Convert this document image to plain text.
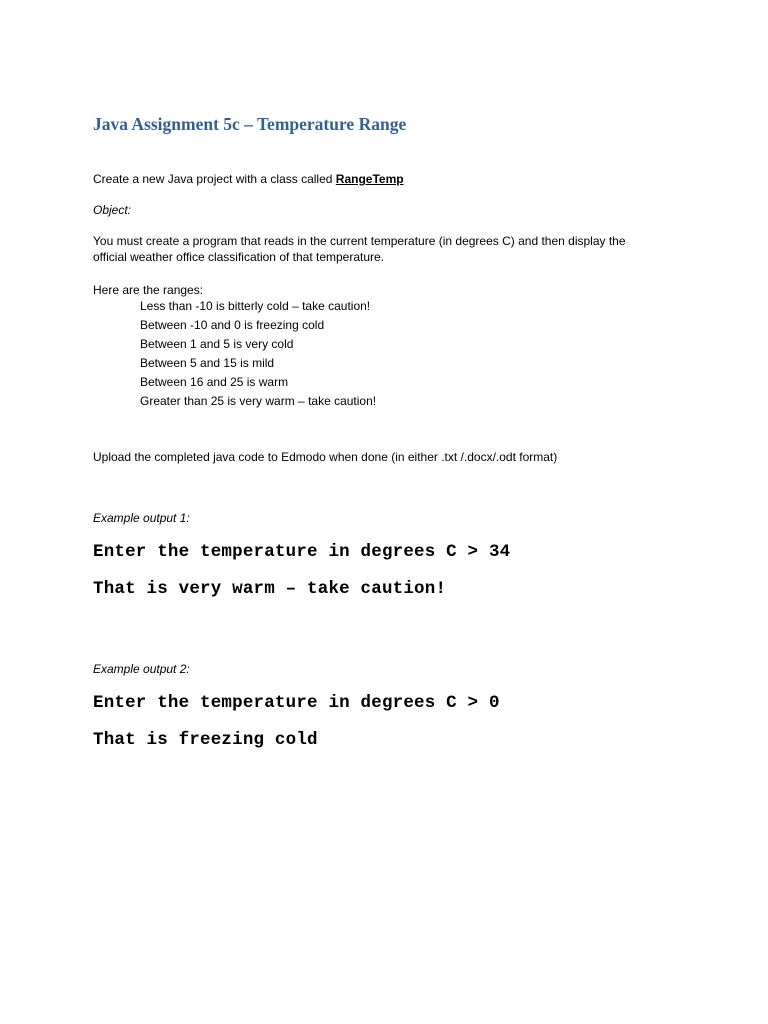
Java Assignment 5c – Temperature Range

Create a new Java project with a class called RangeTemp

Object:

You must create a program that reads in the current temperature (in degrees C) and then display the

official weather office classification of that temperature.

Here are the ranges:

Less than -10 is bitterly cold – take caution!
Between -10 and 0 is freezing cold
Between 1 and 5 is very cold
Between 5 and 15 is mild
Between 16 and 25 is warm
Greater than 25 is very warm – take caution!

Upload the completed java code to Edmodo when done (in either .txt /.docx/.odt format)

Example output 1:

Enter the temperature in degrees C > 34

That is very warm – take caution!

Example output 2:

Enter the temperature in degrees C > 0

That is freezing cold
